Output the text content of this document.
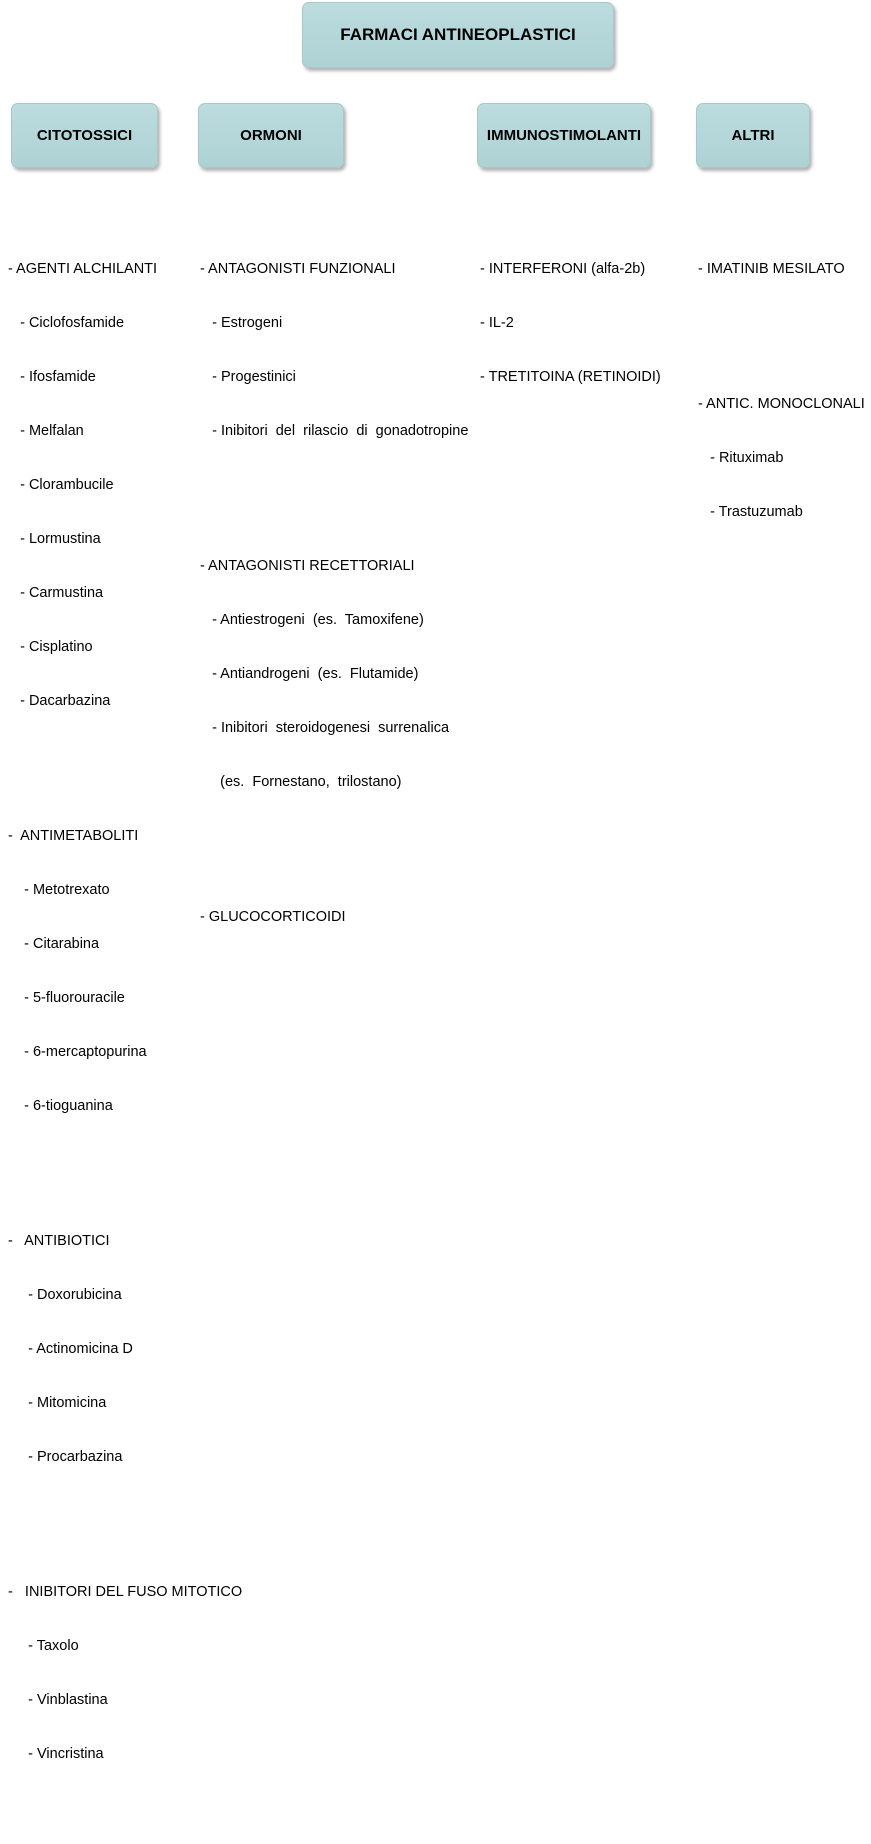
FARMACI ANTINEOPLASTICI
CITOTOSSICI	ORMONI	IMMUNOSTIMOLANTI	ALTRI

- AGENTI ALCHILANTI

- Ciclofosfamide

- Ifosfamide

- Melfalan

- Clorambucile

- Lormustina

- Carmustina

- Cisplatino

- Dacarbazina

-  ANTIMETABOLITI

- Metotrexato

- Citarabina

- 5-fluorouracile

- 6-mercaptopurina

- 6-tioguanina

-   ANTIBIOTICI

- Doxorubicina

- Actinomicina D

- Mitomicina

- Procarbazina

-   INIBITORI DEL FUSO MITOTICO

- Taxolo

- Vinblastina

- Vincristina

- ANTAGONISTI FUNZIONALI

- Estrogeni

- Progestinici

- Inibitori  del  rilascio  di  gonadotropine

- ANTAGONISTI RECETTORIALI

- Antiestrogeni  (es.  Tamoxifene)

- Antiandrogeni  (es.  Flutamide)

- Inibitori  steroidogenesi  surrenalica

(es.  Fornestano,  trilostano)

- GLUCOCORTICOIDI

- INTERFERONI (alfa-2b)

- IL-2

- TRETITOINA (RETINOIDI)

- IMATINIB MESILATO

- ANTIC. MONOCLONALI

- Rituximab

- Trastuzumab
